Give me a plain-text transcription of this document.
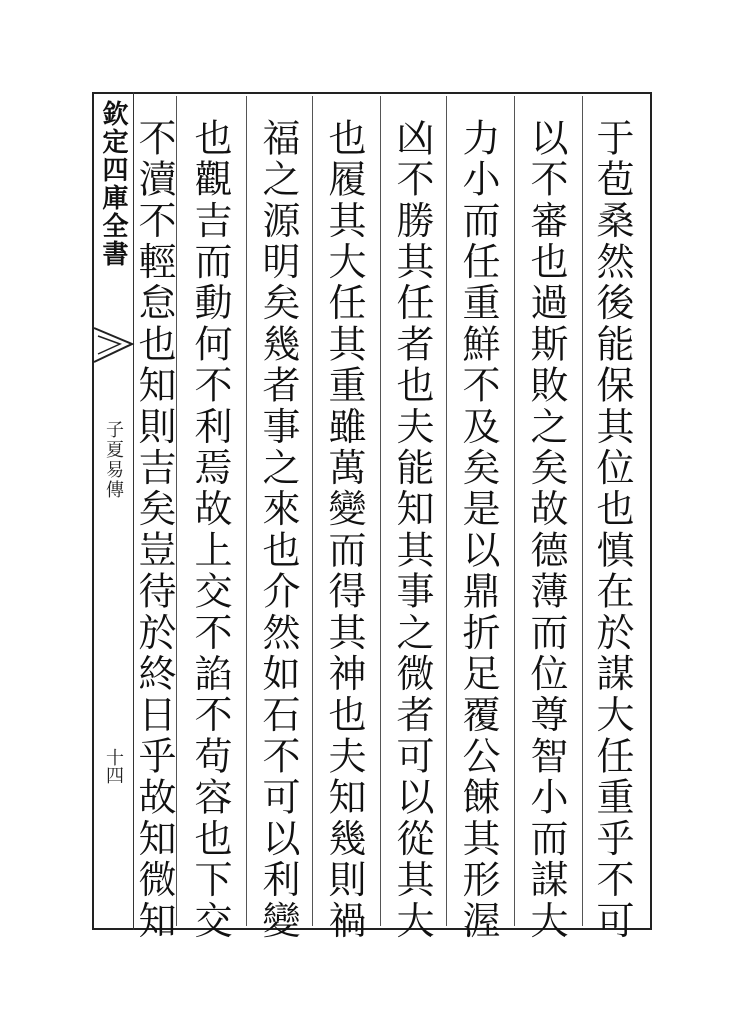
欽定四庫全書
子夏易傳
十四	于苞桑然後能保其位也慎在於謀大任重乎不可
以不審也過斯敗之矣故德薄而位尊智小而謀大
力小而任重鮮不及矣是以鼎折足覆公餗其形渥
凶不勝其任者也夫能知其事之微者可以從其大
也履其大任其重雖萬變而得其神也夫知幾則禍
福之源明矣幾者事之來也介然如石不可以利變
也觀吉而動何不利焉故上交不諂不苟容也下交
不瀆不輕怠也知則吉矣豈待於終日乎故知微知
